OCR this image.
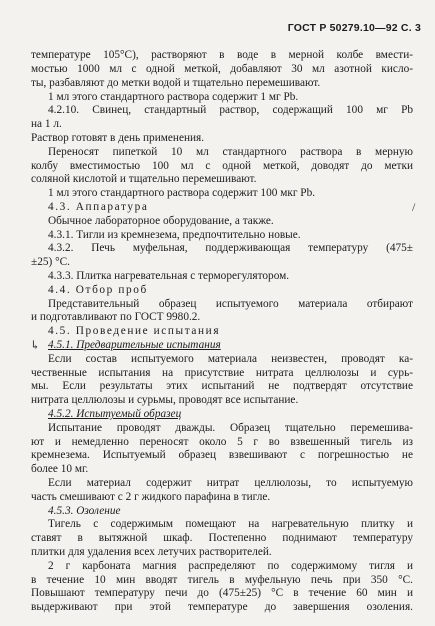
ГОСТ Р 50279.10—92 С. 3
температуре 105°С), растворяют в воде в мерной колбе вмести-
мостью 1000 мл с одной меткой, добавляют 30 мл азотной кисло-
ты, разбавляют до метки водой и тщательно перемешивают.
1 мл этого стандартного раствора содержит 1 мг Pb.
4.2.10. Свинец, стандартный раствор, содержащий 100 мг Pb
на 1 л.
Раствор готовят в день применения.
Переносят пипеткой 10 мл стандартного раствора в мерную
колбу вместимостью 100 мл с одной меткой, доводят до метки
соляной кислотой и тщательно перемешивают.
1 мл этого стандартного раствора содержит 100 мкг Pb.
4.3. Аппаратура
Обычное лабораторное оборудование, а также.
4.3.1. Тигли из кремнезема, предпочтительно новые.
4.3.2. Печь муфельная, поддерживающая температуру (475±
±25) °С.
4.3.3. Плитка нагревательная с терморегулятором.
4.4. Отбор проб
Представительный образец испытуемого материала отбирают
и подготавливают по ГОСТ 9980.2.
4.5. Проведение испытания
4.5.1. Предварительные испытания
Если состав испытуемого материала неизвестен, проводят ка-
чественные испытания на присутствие нитрата целлюлозы и сурь-
мы. Если результаты этих испытаний не подтвердят отсутствие
нитрата целлюлозы и сурьмы, проводят все испытание.
4.5.2. Испытуемый образец
Испытание проводят дважды. Образец тщательно перемешива-
ют и немедленно переносят около 5 г во взвешенный тигель из
кремнезема. Испытуемый образец взвешивают с погрешностью не
более 10 мг.
Если материал содержит нитрат целлюлозы, то испытуемую
часть смешивают с 2 г жидкого парафина в тигле.
4.5.3. Озоление
Тигель с содержимым помещают на нагревательную плитку и
ставят в вытяжной шкаф. Постепенно поднимают температуру
плитки для удаления всех летучих растворителей.
2 г карбоната магния распределяют по содержимому тигля и
в течение 10 мин вводят тигель в муфельную печь при 350 °С.
Повышают температуру печи до (475±25) °С в течение 60 мин и
выдерживают при этой температуре до завершения озоления.
/
↳
